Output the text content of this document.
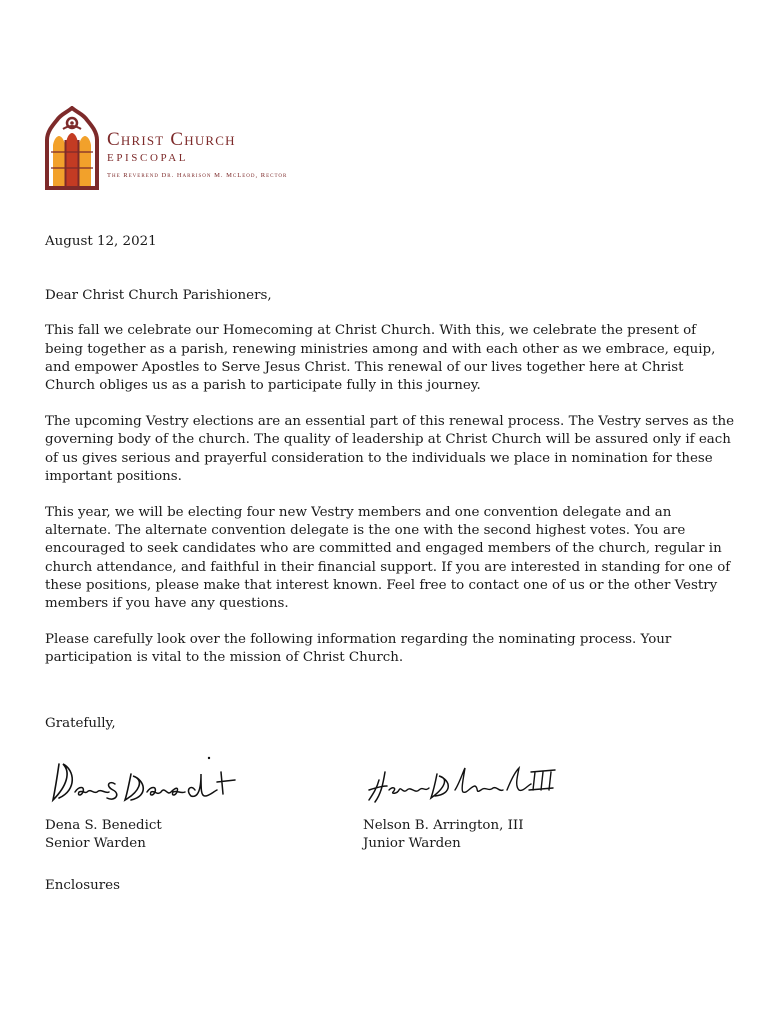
Christ Church
EPISCOPAL
The Reverend Dr. Harrison M. McLeod, Rector

August 12, 2021

Dear Christ Church Parishioners,

This fall we celebrate our Homecoming at Christ Church. With this, we celebrate the present of being together as a parish, renewing ministries among and with each other as we embrace, equip, and empower Apostles to Serve Jesus Christ. This renewal of our lives together here at Christ Church obliges us as a parish to participate fully in this journey.

The upcoming Vestry elections are an essential part of this renewal process. The Vestry serves as the governing body of the church. The quality of leadership at Christ Church will be assured only if each of us gives serious and prayerful consideration to the individuals we place in nomination for these important positions.

This year, we will be electing four new Vestry members and one convention delegate and an alternate. The alternate convention delegate is the one with the second highest votes. You are encouraged to seek candidates who are committed and engaged members of the church, regular in church attendance, and faithful in their financial support. If you are interested in standing for one of these positions, please make that interest known. Feel free to contact one of us or the other Vestry members if you have any questions.

Please carefully look over the following information regarding the nominating process. Your participation is vital to the mission of Christ Church.

Gratefully,

Dena S. Benedict
Senior Warden
Nelson B. Arrington, III
Junior Warden
Enclosures
